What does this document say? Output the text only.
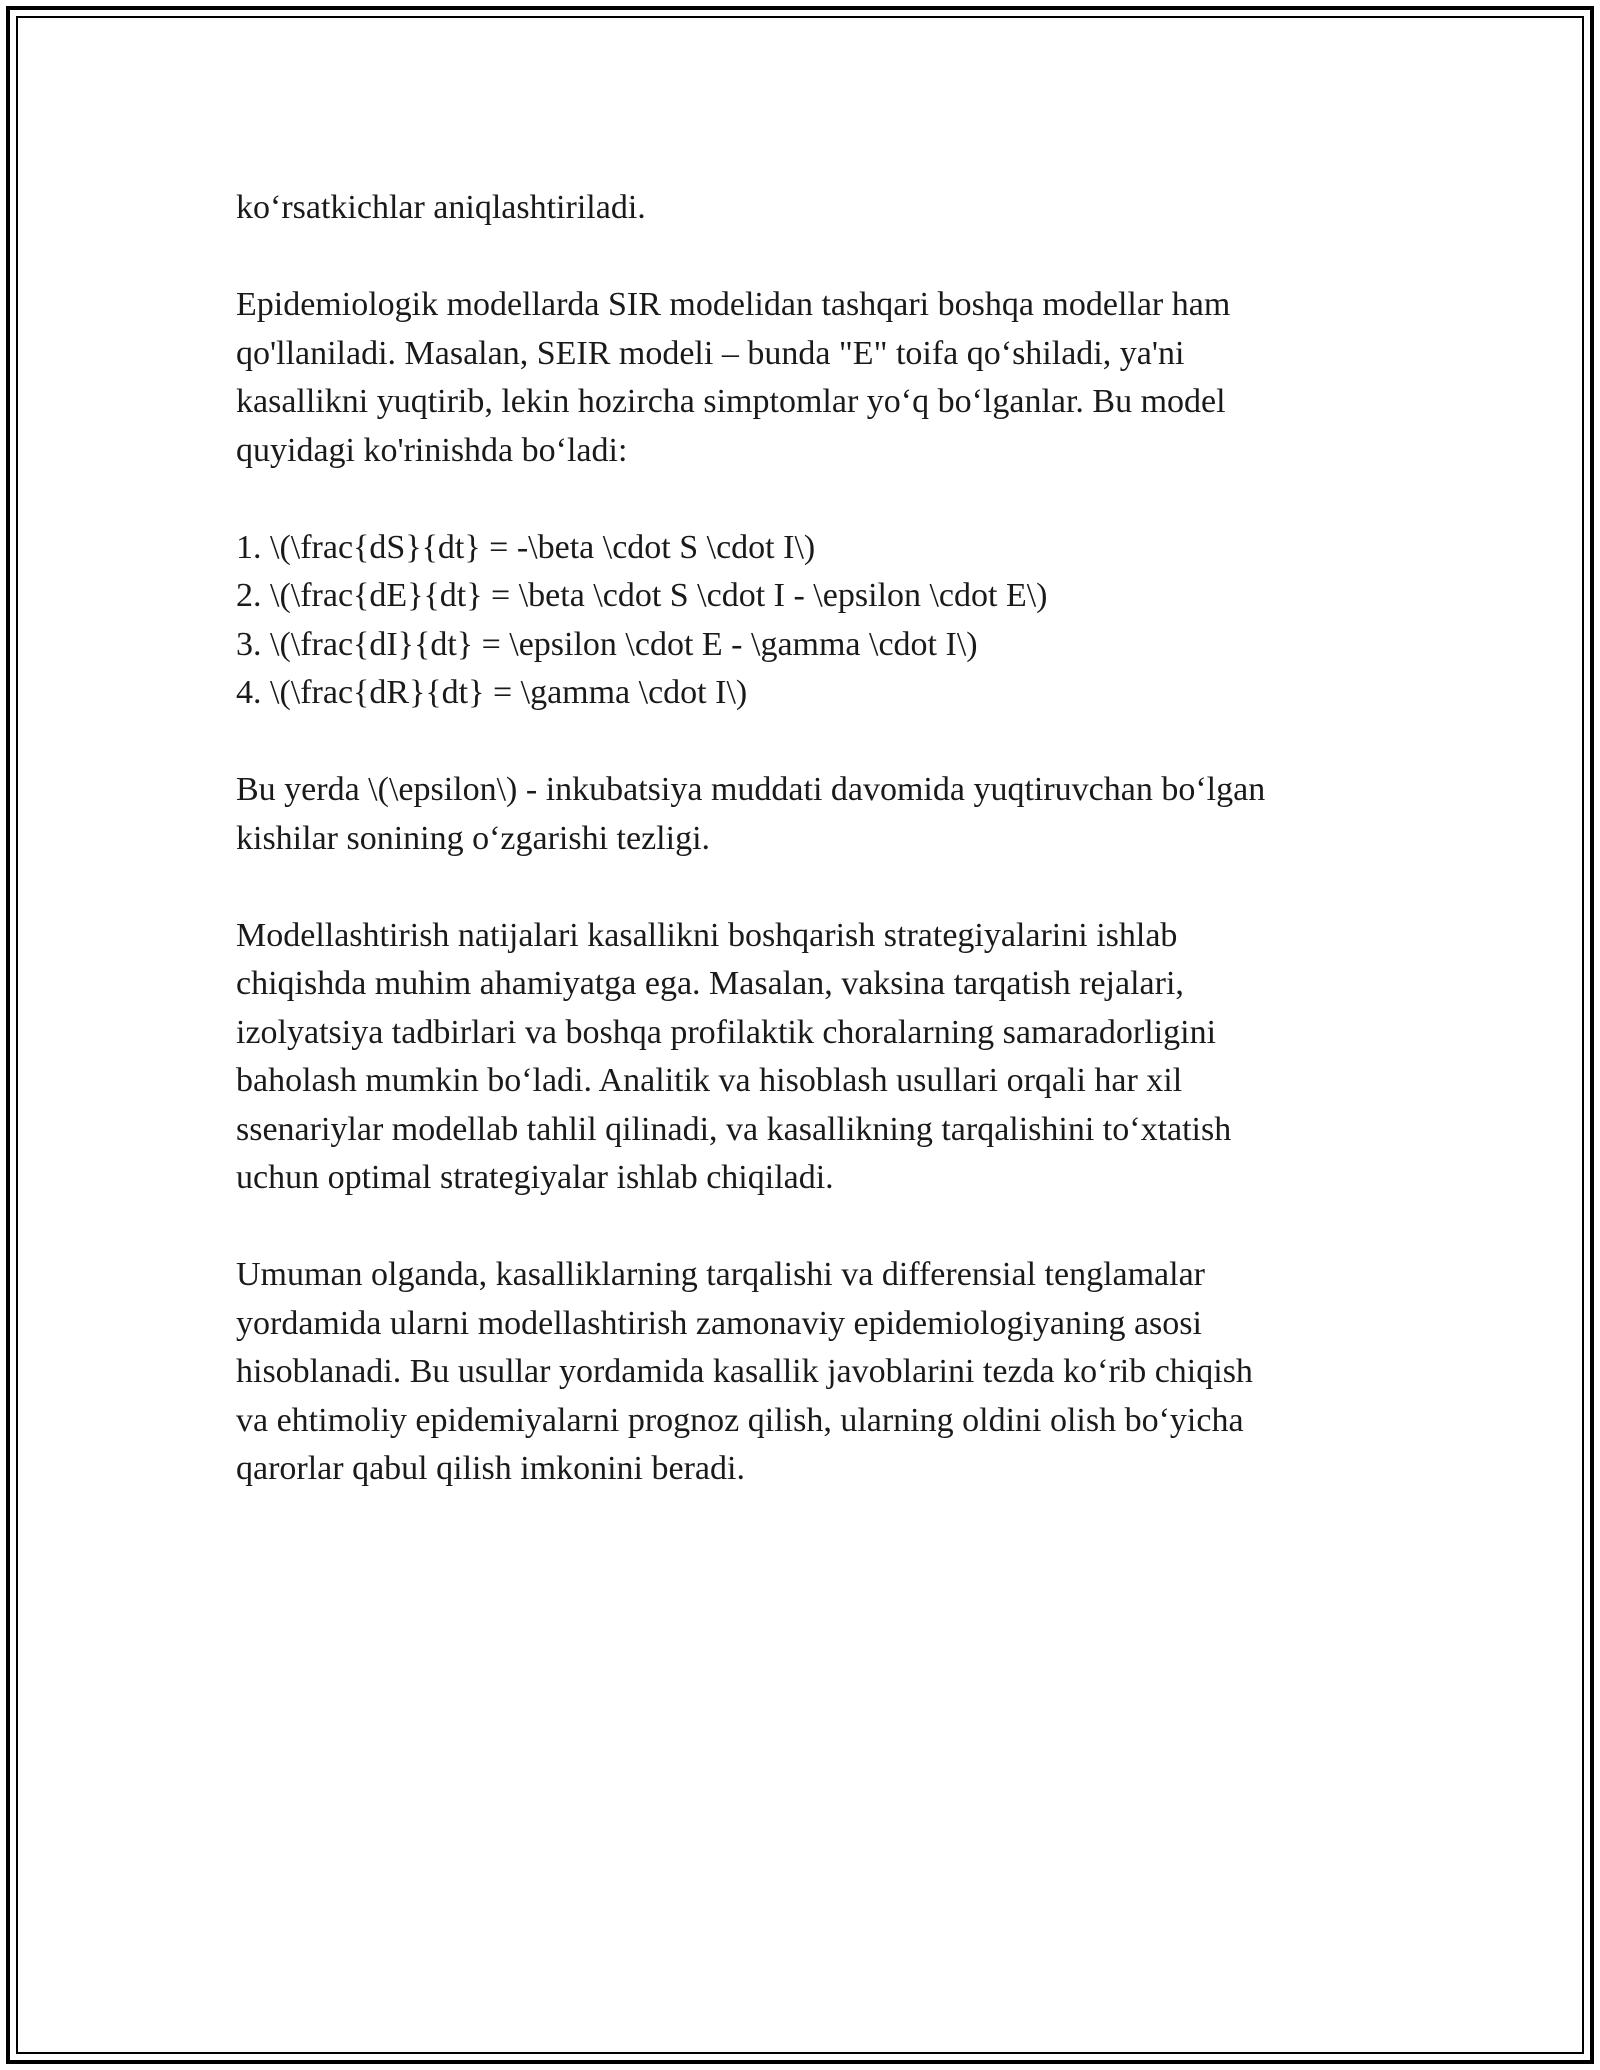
ko‘rsatkichlar aniqlashtiriladi.

Epidemiologik modellarda SIR modelidan tashqari boshqa modellar ham
qo'llaniladi. Masalan, SEIR modeli – bunda "E" toifa qo‘shiladi, ya'ni
kasallikni yuqtirib, lekin hozircha simptomlar yo‘q bo‘lganlar. Bu model
quyidagi ko'rinishda bo‘ladi:

1. \(\frac{dS}{dt} = -\beta \cdot S \cdot I\)
2. \(\frac{dE}{dt} = \beta \cdot S \cdot I - \epsilon \cdot E\)
3. \(\frac{dI}{dt} = \epsilon \cdot E - \gamma \cdot I\)
4. \(\frac{dR}{dt} = \gamma \cdot I\)

Bu yerda \(\epsilon\) - inkubatsiya muddati davomida yuqtiruvchan bo‘lgan
kishilar sonining o‘zgarishi tezligi.

Modellashtirish natijalari kasallikni boshqarish strategiyalarini ishlab
chiqishda muhim ahamiyatga ega. Masalan, vaksina tarqatish rejalari,
izolyatsiya tadbirlari va boshqa profilaktik choralarning samaradorligini
baholash mumkin bo‘ladi. Analitik va hisoblash usullari orqali har xil
ssenariylar modellab tahlil qilinadi, va kasallikning tarqalishini to‘xtatish
uchun optimal strategiyalar ishlab chiqiladi.

Umuman olganda, kasalliklarning tarqalishi va differensial tenglamalar
yordamida ularni modellashtirish zamonaviy epidemiologiyaning asosi
hisoblanadi. Bu usullar yordamida kasallik javoblarini tezda ko‘rib chiqish
va ehtimoliy epidemiyalarni prognoz qilish, ularning oldini olish bo‘yicha
qarorlar qabul qilish imkonini beradi.
